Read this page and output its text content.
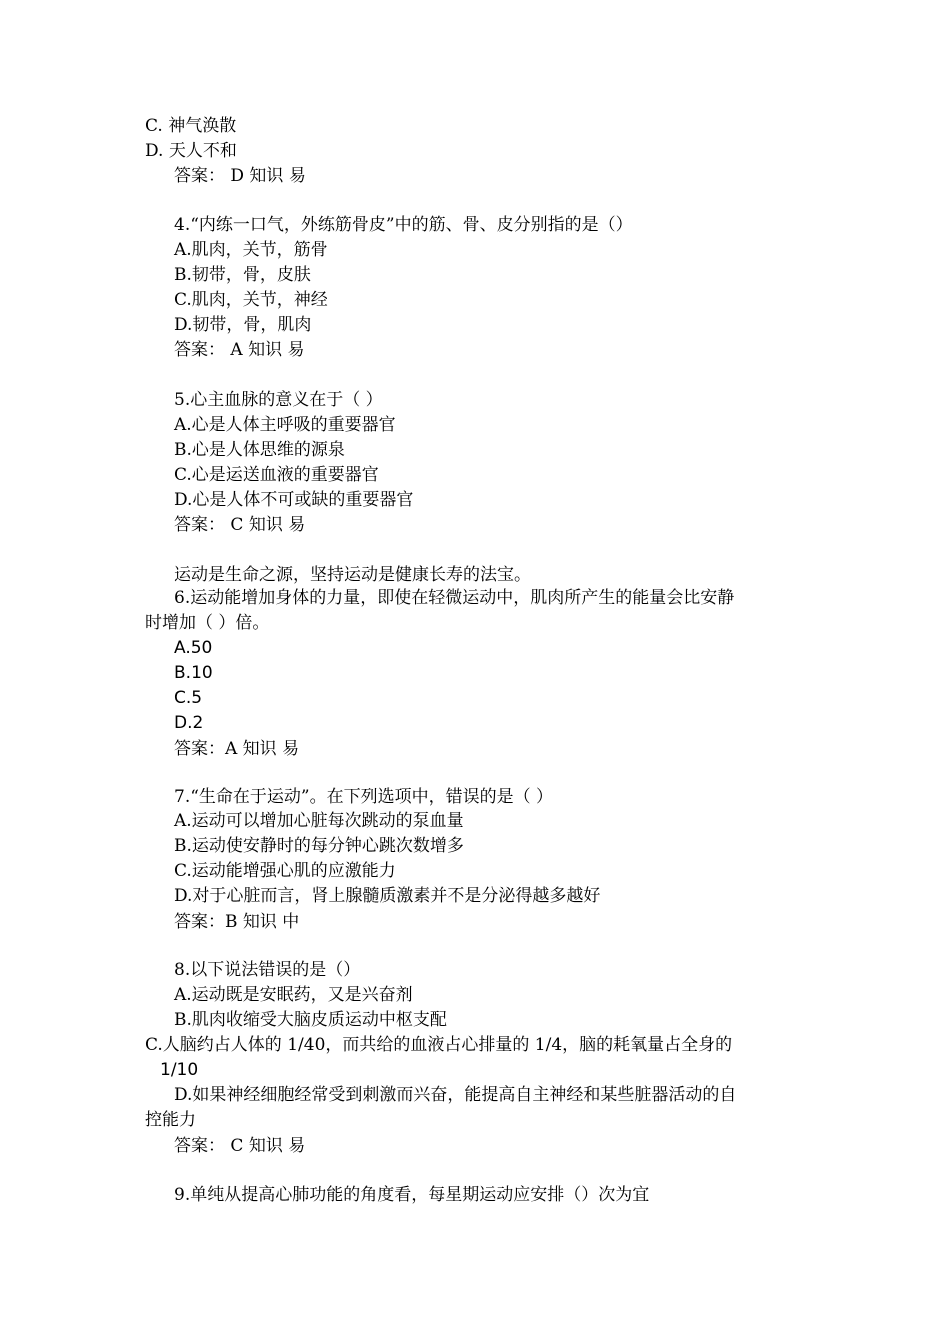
C. 神气涣散
D. 天人不和
答案： D 知识 易
4.“内练一口气，外练筋骨皮”中的筋、骨、皮分别指的是（）
A.肌肉，关节，筋骨
B.韧带，骨，皮肤
C.肌肉，关节，神经
D.韧带，骨，肌肉
答案： A 知识 易
5.心主血脉的意义在于（ ）
A.心是人体主呼吸的重要器官
B.心是人体思维的源泉
C.心是运送血液的重要器官
D.心是人体不可或缺的重要器官
答案： C 知识 易
运动是生命之源，坚持运动是健康长寿的法宝。
6.运动能增加身体的力量，即使在轻微运动中，肌肉所产生的能量会比安静
时增加（ ）倍。
A.50
B.10
C.5
D.2
答案：A 知识 易
7.“生命在于运动”。在下列选项中，错误的是（ ）
A.运动可以增加心脏每次跳动的泵血量
B.运动使安静时的每分钟心跳次数增多
C.运动能增强心肌的应激能力
D.对于心脏而言，肾上腺髓质激素并不是分泌得越多越好
答案：B 知识 中
8.以下说法错误的是（）
A.运动既是安眠药，又是兴奋剂
B.肌肉收缩受大脑皮质运动中枢支配
C.人脑约占人体的 1/40，而共给的血液占心排量的 1/4，脑的耗氧量占全身的
1/10
D.如果神经细胞经常受到刺激而兴奋，能提高自主神经和某些脏器活动的自
控能力
答案： C 知识 易
9.单纯从提高心肺功能的角度看，每星期运动应安排（）次为宜
